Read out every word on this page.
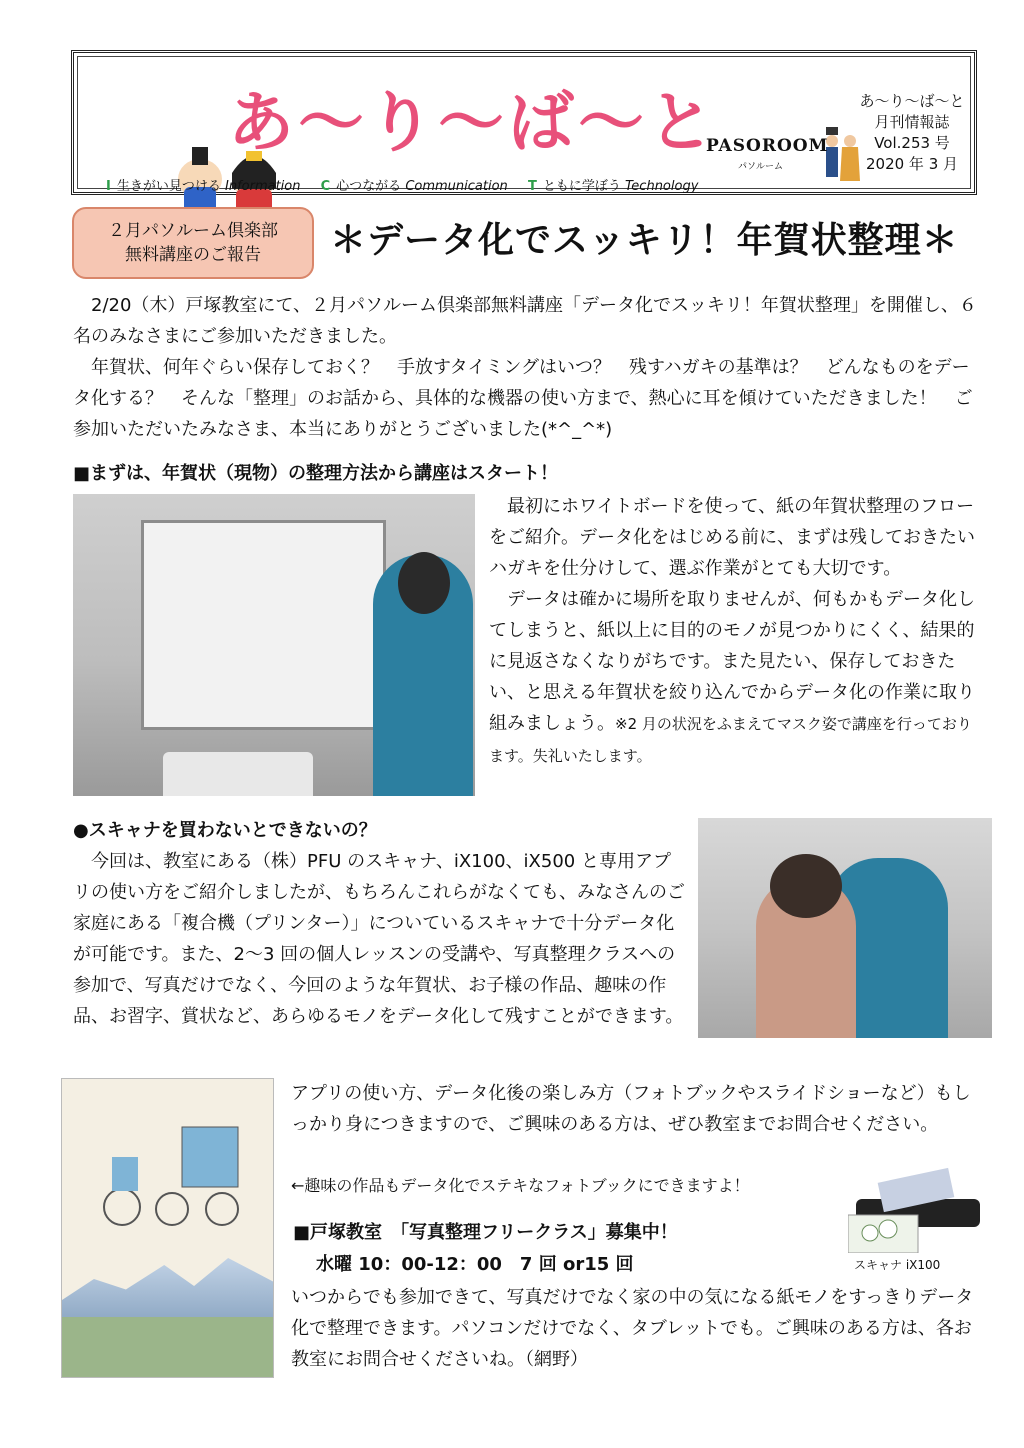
あ～り～ば～と
PASOROOM
パソルーム
あ～り～ば～と
月刊情報誌
Vol.253 号
2020 年 3 月
I 生きがい見つける Information C 心つながる Communication T ともに学ぼう Technology
２月パソルーム倶楽部
無料講座のご報告	＊データ化でスッキリ！年賀状整理＊

2/20（木）戸塚教室にて、２月パソルーム倶楽部無料講座「データ化でスッキリ！年賀状整理」を開催し、６名のみなさまにご参加いただきました。

年賀状、何年ぐらい保存しておく？　手放すタイミングはいつ？　残すハガキの基準は？　どんなものをデータ化する？　そんな「整理」のお話から、具体的な機器の使い方まで、熱心に耳を傾けていただきました！　ご参加いただいたみなさま、本当にありがとうございました(*^_^*)

■まずは、年賀状（現物）の整理方法から講座はスタート！

最初にホワイトボードを使って、紙の年賀状整理のフローをご紹介。データ化をはじめる前に、まずは残しておきたいハガキを仕分けして、選ぶ作業がとても大切です。

データは確かに場所を取りませんが、何もかもデータ化してしまうと、紙以上に目的のモノが見つかりにくく、結果的に見返さなくなりがちです。また見たい、保存しておきたい、と思える年賀状を絞り込んでからデータ化の作業に取り組みましょう。※2 月の状況をふまえてマスク姿で講座を行っております。失礼いたします。

●スキャナを買わないとできないの？

今回は、教室にある（株）PFU のスキャナ、iX100、iX500 と専用アプリの使い方をご紹介しましたが、もちろんこれらがなくても、みなさんのご家庭にある「複合機（プリンター）」についているスキャナで十分データ化が可能です。また、2～3 回の個人レッスンの受講や、写真整理クラスへの参加で、写真だけでなく、今回のような年賀状、お子様の作品、趣味の作品、お習字、賞状など、あらゆるモノをデータ化して残すことができます。

アプリの使い方、データ化後の楽しみ方（フォトブックやスライドショーなど）もしっかり身につきますので、ご興味のある方は、ぜひ教室までお問合せください。

←趣味の作品もデータ化でステキなフォトブックにできますよ！
スキャナ iX100
■戸塚教室　「写真整理フリークラス」募集中！
水曜 10：00-12：00　7 回 or15 回

いつからでも参加できて、写真だけでなく家の中の気になる紙モノをすっきりデータ化で整理できます。パソコンだけでなく、タブレットでも。ご興味のある方は、各お教室にお問合せくださいね。（網野）
